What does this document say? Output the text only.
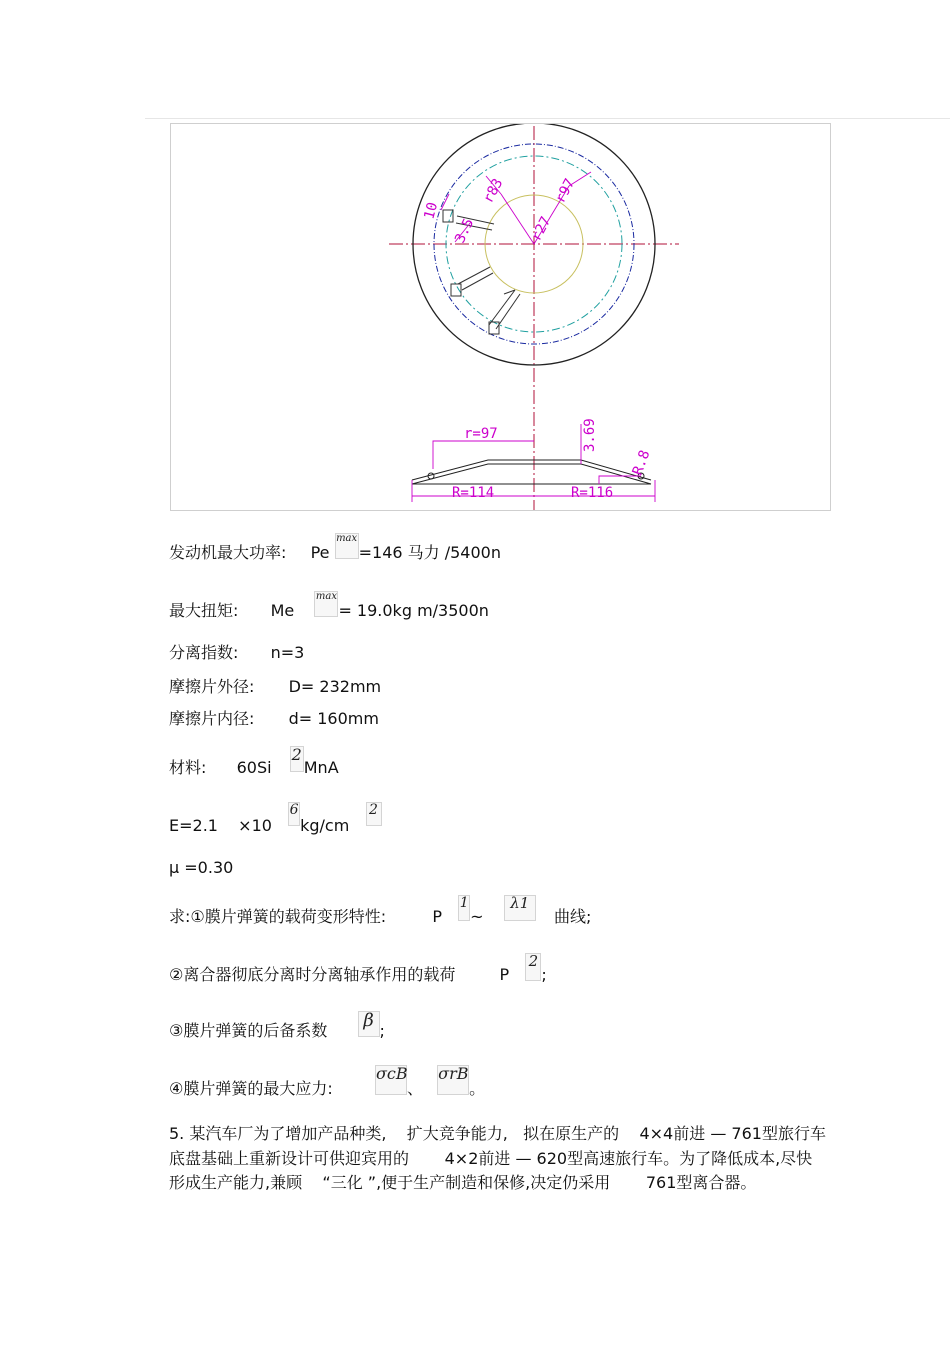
10
3.5
r83	r97
r27
r=97	3.69
R.8
R=114	R=116
发动机最大功率: Pe max=146 马力 /5400n
最大扭矩: Me  max= 19.0kg m/3500n
分离指数: n=3
摩擦片外径: D= 232mm
摩擦片内径: d= 160mm
材料: 60Si  2MnA
E=2.1 ×10  6kg/cm  2
μ =0.30
求:①膜片弹簧的载荷变形特性:	P  1~  λ1  曲线;
②离合器彻底分离时分离轴承作用的载荷	P  2;
③膜片弹簧的后备系数 β ;
④膜片弹簧的最大应力:  σcB、  σrB。
5. 某汽车厂为了增加产品种类,    扩大竞争能力,   拟在原生产的    4×4前进 — 761型旅行车
底盘基础上重新设计可供迎宾用的       4×2前进 — 620型高速旅行车。为了降低成本,尽快
形成生产能力,兼顾    “三化 ”,便于生产制造和保修,决定仍采用       761型离合器。
